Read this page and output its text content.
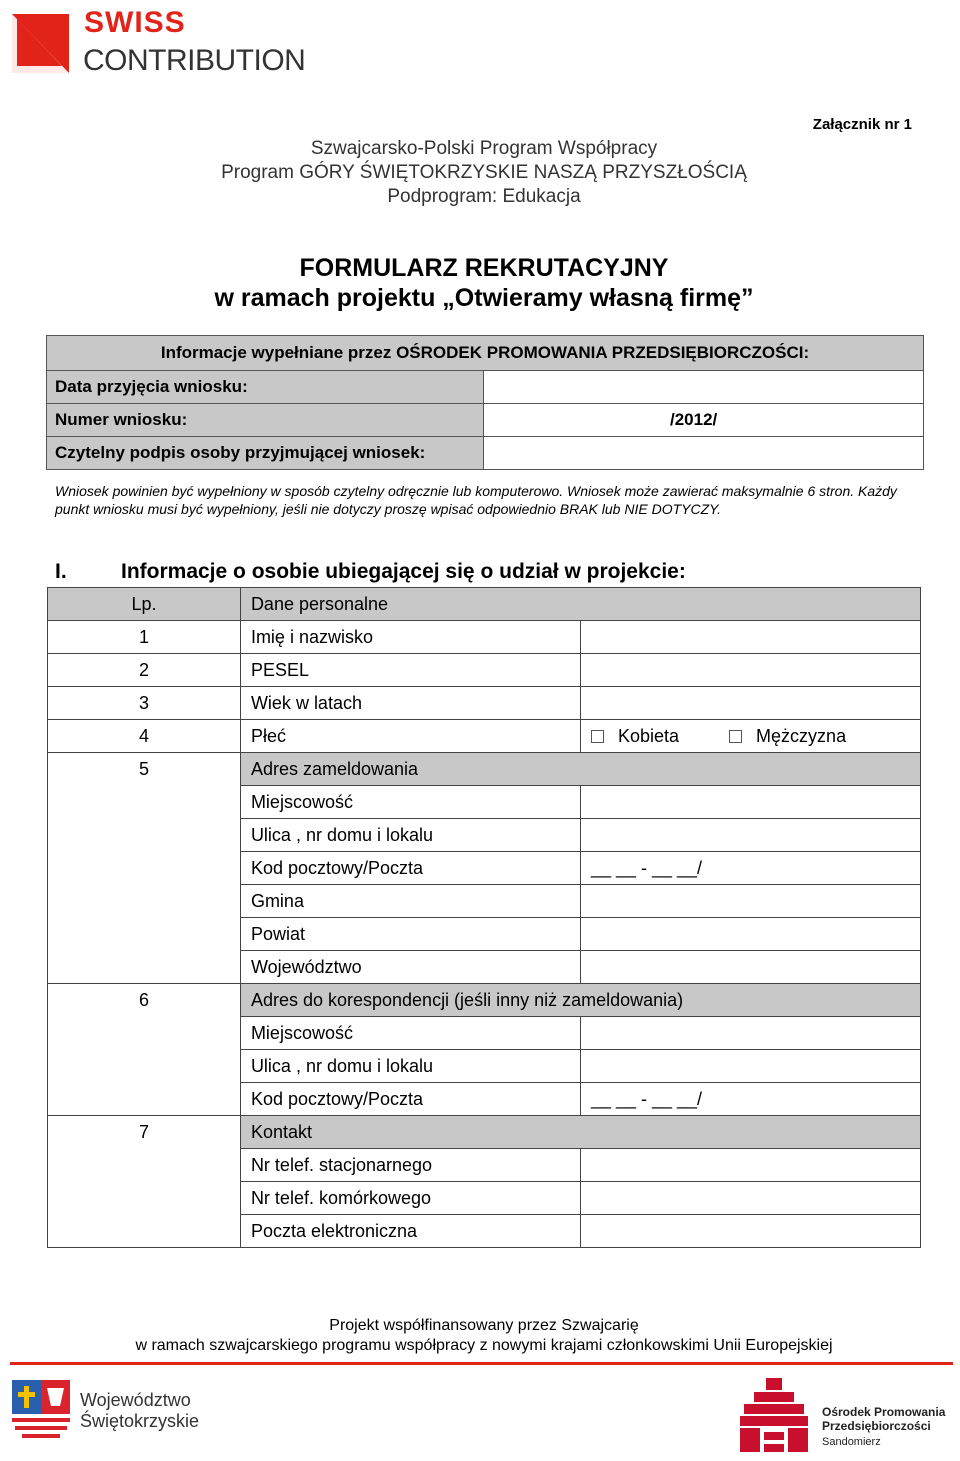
SWISS
CONTRIBUTION
Załącznik nr 1
Szwajcarsko-Polski Program Współpracy
Program GÓRY ŚWIĘTOKRZYSKIE NASZĄ PRZYSZŁOŚCIĄ
Podprogram: Edukacja
FORMULARZ REKRUTACYJNY
w ramach projektu „Otwieramy własną firmę”
Informacje wypełniane przez OŚRODEK PROMOWANIA PRZEDSIĘBIORCZOŚCI:	
Data przyjęcia wniosku:	
Numer wniosku:	/2012/
Czytelny podpis osoby przyjmującej wniosek:	
Wniosek powinien być wypełniony w sposób czytelny odręcznie lub komputerowo. Wniosek może zawierać maksymalnie 6 stron. Każdy punkt wniosku musi być wypełniony, jeśli nie dotyczy proszę wpisać odpowiednio BRAK lub NIE DOTYCZY.
I.	Informacje o osobie ubiegającej się o udział w projekcie:
Lp.	Dane personalne	
1	Imię i nazwisko	
2	PESEL	
3	Wiek w latach	
4	Płeć	Kobieta Mężczyzna
5	Adres zameldowania	
	Miejscowość	
	Ulica , nr domu i lokalu	
	Kod pocztowy/Poczta	__ __ - __ __/
	Gmina	
	Powiat	
	Województwo	
6	Adres do korespondencji (jeśli inny niż zameldowania)	
	Miejscowość	
	Ulica , nr domu i lokalu	
	Kod pocztowy/Poczta	__ __ - __ __/
7	Kontakt	
	Nr telef. stacjonarnego	
	Nr telef. komórkowego	
	Poczta elektroniczna	
Projekt współfinansowany przez Szwajcarię
w ramach szwajcarskiego programu współpracy z nowymi krajami członkowskimi Unii Europejskiej
Województwo
Świętokrzyskie	Ośrodek Promowania
Przedsiębiorczości
Sandomierz
